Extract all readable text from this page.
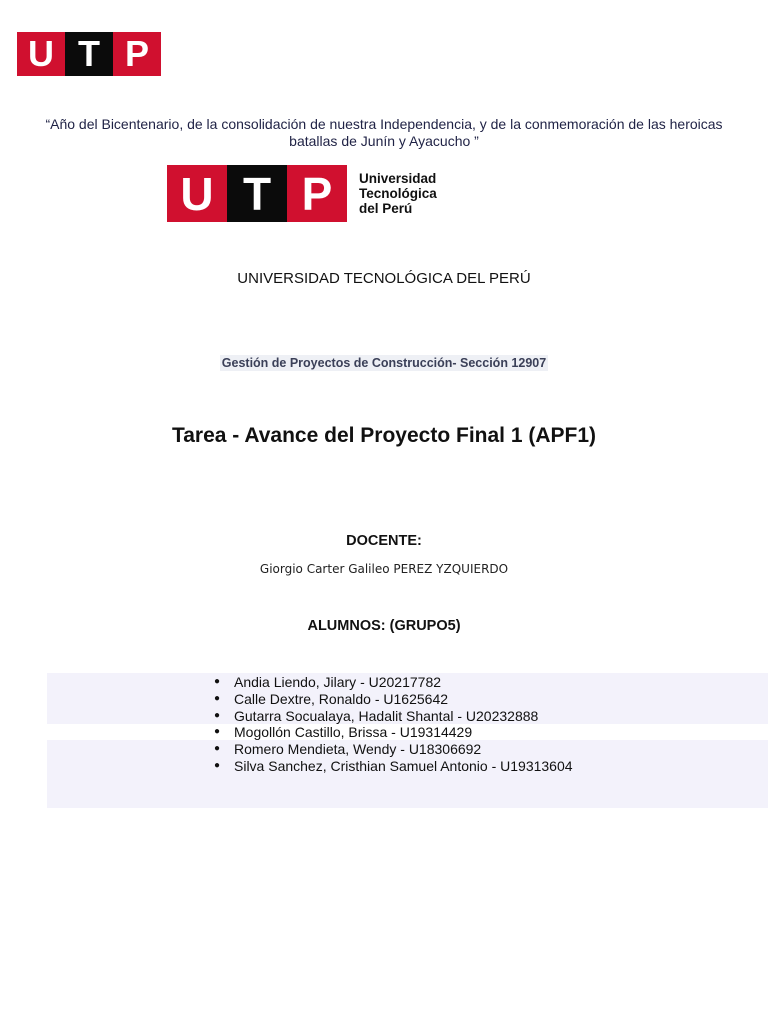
U T P
“Año del Bicentenario, de la consolidación de nuestra Independencia, y de la conmemoración de las heroicas batallas de Junín y Ayacucho ”
U T P	Universidad
Tecnológica
del Perú
UNIVERSIDAD TECNOLÓGICA DEL PERÚ
Gestión de Proyectos de Construcción- Sección 12907
Tarea - Avance del Proyecto Final 1 (APF1)
DOCENTE:
Giorgio Carter Galileo PEREZ YZQUIERDO
ALUMNOS: (GRUPO5)
● Andia Liendo, Jilary - U20217782
● Calle Dextre, Ronaldo - U1625642
● Gutarra Socualaya, Hadalit Shantal - U20232888
● Mogollón Castillo, Brissa - U19314429
● Romero Mendieta, Wendy - U18306692
● Silva Sanchez, Cristhian Samuel Antonio - U19313604
